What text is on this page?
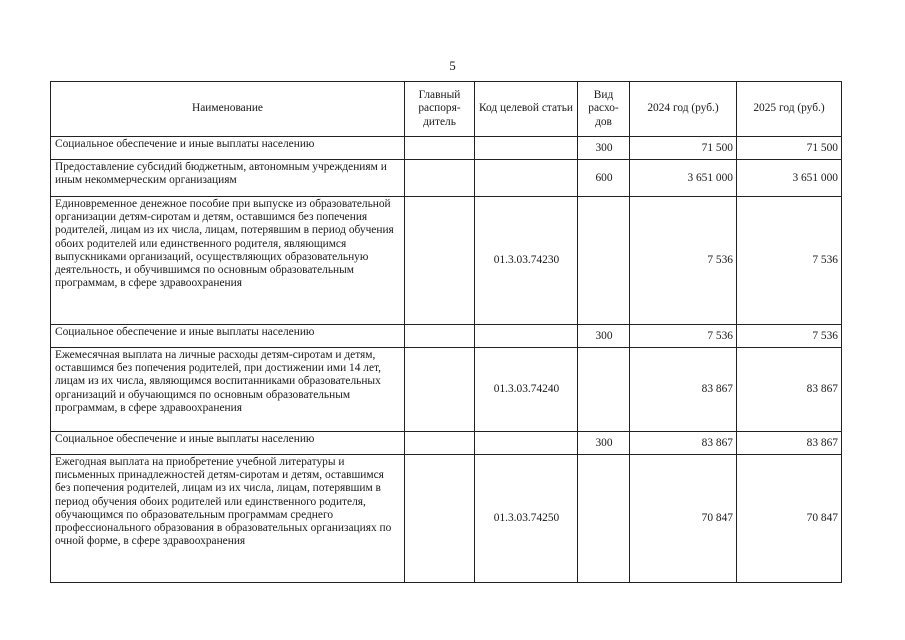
5
Наименование	Главный распоря-дитель	Код целевой статьи	Вид расхо-дов	2024 год (руб.)	2025 год (руб.)
Социальное обеспечение и иные выплаты населению			300	71 500	71 500
Предоставление субсидий бюджетным, автономным учреждениям и иным некоммерческим организациям			600	3 651 000	3 651 000
Единовременное денежное пособие при выпуске из образовательной организации детям-сиротам и детям, оставшимся без попечения родителей, лицам из их числа, лицам, потерявшим в период обучения обоих родителей или единственного родителя, являющимся выпускниками организаций, осуществляющих образовательную деятельность, и обучившимся по основным образовательным программам, в сфере здравоохранения		01.3.03.74230		7 536	7 536
Социальное обеспечение и иные выплаты населению			300	7 536	7 536
Ежемесячная выплата на личные расходы детям-сиротам и детям, оставшимся без попечения родителей, при достижении ими 14 лет, лицам из их числа, являющимся воспитанниками образовательных организаций и обучающимся по основным образовательным программам, в сфере здравоохранения		01.3.03.74240		83 867	83 867
Социальное обеспечение и иные выплаты населению			300	83 867	83 867
Ежегодная выплата на приобретение учебной литературы и письменных принадлежностей детям-сиротам и детям, оставшимся без попечения родителей, лицам из их числа, лицам, потерявшим в период обучения обоих родителей или единственного родителя, обучающимся по образовательным программам среднего профессионального образования в образовательных организациях по очной форме, в сфере здравоохранения		01.3.03.74250		70 847	70 847
